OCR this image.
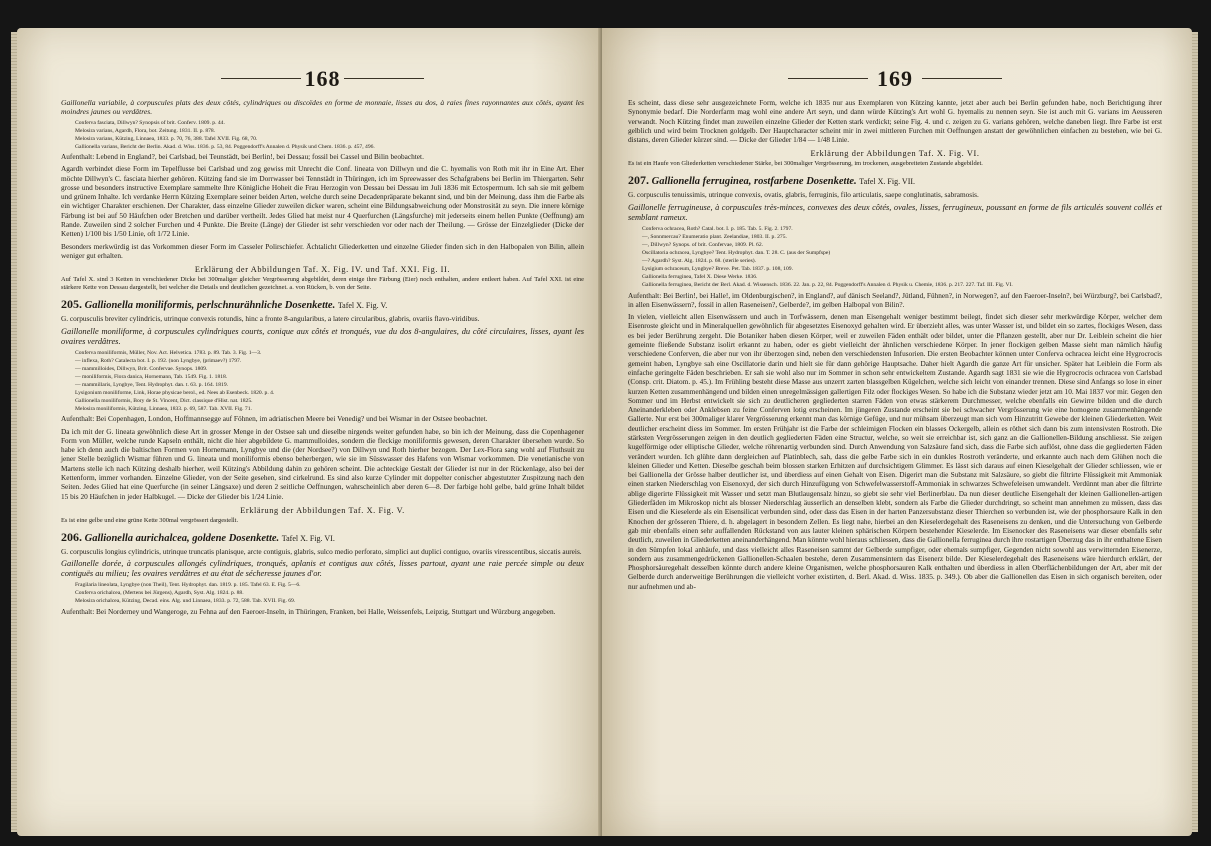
168

Gaillonella variabile, à corpuscules plats des deux côtés, cylindriques ou discoïdes en forme de monnaie, lisses au dos, à raies fines rayonnantes aux côtés, ayant les moindres jaunes ou verdâtres.

Conferva fasciata, Dillwyn? Synopsis of brit. Conferv. 1809. p. 44.

Melosira varians, Agardh, Flora, bot. Zeitung. 1831. II. p. 878.

Melosira varians, Kützing, Linnaea, 1833. p. 70, 76, 388. Tafel XVII. Fig. 68, 70.

Gallionella varians, Bericht der Berlin. Akad. d. Wiss. 1836. p. 53, 84. Poggendorff's Annalen d. Physik und Chem. 1836. p. 457, 496.

Aufenthalt: Lebend in England?, bei Carlsbad, bei Teunstädt, bei Berlin!, bei Dessau; fossil bei Cassel und Bilin beobachtet.

Agardh verbindet diese Form im Tepelflusse bei Carlsbad und zog gewiss mit Unrecht die Conf. lineata von Dillwyn und die C. hyemalis von Roth mit ihr in Eine Art. Eher möchte Dillwyn's C. fasciata hierher gehören. Kützing fand sie im Dorrwasser bei Tennstädt in Thüringen, ich im Spreewasser des Schafgrabens bei Berlin im Thiergarten. Sehr grosse und besonders instructive Exemplare sammelte Ihre Königliche Hoheit die Frau Herzogin von Dessau bei Dessau im Juli 1836 mit Ectospermum. Ich sah sie mit gelbem und grünem Inhalte. Ich verdanke Herrn Kützing Exemplare seiner beiden Arten, welche durch seine Decadenpräparate bekannt sind, und bin der Meinung, dass ihm die Farbe als ein wichtiger Charakter erschienen. Der Charakter, dass einzelne Glieder zuweilen dicker waren, scheint eine Bildungsabweichung oder Monstrosität zu seyn. Die innere körnige Färbung ist bei auf 50 Häufchen oder Bretchen und darüber vertheilt. Jedes Glied hat meist nur 4 Querfurchen (Längsfurche) mit jederseits einem hellen Punkte (Oeffnung) am Rande. Zuweilen sind 2 solcher Furchen und 4 Punkte. Die Breite (Länge) der Glieder ist sehr verschieden vor oder nach der Theilung. — Grösse der Einzelglieder (Dicke der Ketten) 1/100 bis 1/50 Linie, oft 1/72 Linie.

Besonders merkwürdig ist das Vorkommen dieser Form im Casseler Polirschiefer. Ächtalicht Gliederketten und einzelne Glieder finden sich in den Halbopalen von Bilin, allein weniger gut erhalten.

Erklärung der Abbildungen Taf. X. Fig. IV. und Taf. XXI. Fig. II.

Auf Tafel X. sind 3 Ketten in verschiedener Dicke bei 300maliger gleicher Vergrösserung abgebildet, deren einige ihre Färbung (Eier) noch enthalten, andere entleert haben. Auf Tafel XXI. ist eine stärkere Kette von Dessau dargestellt, bei welcher die Details und deutlichen gezeichnet. a. von Rücken, b. von der Seite.

205. Gallionella moniliformis, perlschnurähnliche Dosenkette. Tafel X. Fig. V.

G. corpusculis breviter cylindricis, utrinque convexis rotundis, hinc a fronte 8-angularibus, a latere circularibus, glabris, ovariis flavo-viridibus.

Gaillonelle moniliforme, à corpuscules cylindriques courts, conique aux côtés et tronqués, vue du dos 8-angulaires, du côté circulaires, lisses, ayant les ovaires verdâtres.

Conferva moniliformis, Müller, Nov. Act. Helvetica. 1783. p. 89. Tab. 3. Fig. 1—3.

— inflexa, Roth? Catalecta bot. I. p. 192. (non Lyngbye, (primaev?) 1797.

— mammilloides, Dillwyn, Brit. Confervae. Synops. 1809.

— moniliformis, Flora danica, Hornemann, Tab. 1549. Fig. 1. 1818.

— mammillaris, Lyngbye, Tent. Hydrophyt. dan. t. 63. p. 164. 1819.

Lysigonium moniliforme, Link, Horae physicae berol., ed. Nees ab Esenbeck. 1820. p. 4.

Gallionella moniliformis, Bory de St. Vincent, Dict. classique d'Hist. nat. 1825.

Melosira moniliformis, Kützing, Linnaea, 1833. p. 69, 587. Tab. XVII. Fig. 71.

Aufenthalt: Bei Copenhagen, London, Hoffmannsegge auf Föhnen, im adriatischen Meere bei Venedig? und bei Wismar in der Ostsee beobachtet.

Da ich mit der G. lineata gewöhnlich diese Art in grosser Menge in der Ostsee sah und dieselbe nirgends weiter gefunden habe, so bin ich der Meinung, dass die Copenhagener Form von Müller, welche runde Kapseln enthält, nicht die hier abgebildete G. mammulloides, sondern die fleckige moniliformis gewesen, deren Charakter übersehen wurde. So habe ich denn auch die baltischen Formen von Hornemann, Lyngbye und die (der Nordsee?) von Dillwyn und Roth hierher bezogen. Der Lex-Flora sang wohl auf Fluthsuit zu jener Stelle bezüglich Wismar führen und G. lineata und moniliformis ebenso beherbergen, wie sie im Süsswasser des Hafens von Wismar vorkommen. Die venetianische von Martens stelle ich nach Kützing deshalb hierher, weil Kützing's Abbildung dahin zu gehören scheint. Die achteckige Gestalt der Glieder ist nur in der Rückenlage, also bei der Kettenform, immer vorhanden. Einzelne Glieder, von der Seite gesehen, sind cirkelrund. Es sind also kurze Cylinder mit doppelter conischer abgestutzter Zuspitzung nach den Seiten. Jedes Glied hat eine Querfurche (in seiner Längsaxe) und deren 2 seitliche Oeffnungen, wahrscheinlich aber deren 6—8. Der farbige hohl gelbe, bald grüne Inhalt bildet 15 bis 20 Häufchen in jeder Halbkugel. — Dicke der Glieder bis 1/24 Linie.

Erklärung der Abbildungen Taf. X. Fig. V.

Es ist eine gelbe und eine grüne Kette 300mal vergrössert dargestellt.

206. Gallionella aurichalcea, goldene Dosenkette. Tafel X. Fig. VI.

G. corpusculis longius cylindricis, utrinque truncatis planisque, arcte contiguis, glabris, sulco medio perforato, simplici aut duplici contiguo, ovariis viresscentibus, siccatis aureis.

Gaillonelle dorée, à corpuscules allongés cylindriques, tronqués, aplanis et contigus aux côtés, lisses partout, ayant une raie percée simple ou deux contiguës au milieu; les ovaires verdâtres et au état de sécheresse jaunes d'or.

Fragilaria lineolata, Lyngbye (non Theil), Tent. Hydrophyt. dan. 1819. p. 185. Tafel 63. E. Fig. 5—6.

Conferva orichalcea, (Mertens bei Jürgens), Agardh, Syst. Alg. 1824. p. 88.

Melosira orichalcea, Kützing, Decad. eins. Alg. und Linnaea, 1833. p. 72, 588. Tab. XVII. Fig. 69.

Aufenthalt: Bei Norderney und Wangeroge, zu Fehna auf den Faeroer-Inseln, in Thüringen, Franken, bei Halle, Weissenfels, Leipzig, Stuttgart und Würzburg angegeben.

169

Es scheint, dass diese sehr ausgezeichnete Form, welche ich 1835 nur aus Exemplaren von Kützing kannte, jetzt aber auch bei Berlin gefunden habe, noch Berichtigung ihrer Synonymie bedarf. Die Norderfarm mag wohl eine andere Art seyn, und dann würde Kützing's Art wohl G. hyemalis zu nennen seyn. Sie ist auch mit G. varians im Aeusseren verwandt. Noch Kützing findet man zuweilen einzelne Glieder der Ketten stark verdickt; seine Fig. 4. und c. zeigen zu G. varians gehören, welche daneben liegt. Ihre Farbe ist erst gelblich und wird beim Trocknen goldgelb. Der Hauptcharacter scheint mir in zwei mittleren Furchen mit Oeffnungen anstatt der gewöhnlichen einfachen zu bestehen, wie bei G. distans, deren Glieder kürzer sind. — Dicke der Glieder 1/84 — 1/48 Linie.

Erklärung der Abbildungen Taf. X. Fig. VI.

Es ist ein Haufe von Gliederketten verschiedener Stärke, bei 300maliger Vergrösserung, im trockenen, ausgebreiteten Zustande abgebildet.

207. Gallionella ferruginea, rostfarbene Dosenkette. Tafel X. Fig. VII.

G. corpusculis tenuissimis, utrinque convexis, ovatis, glabris, ferruginis, filo articulatis, saepe conglutinatis, sabramosis.

Gaillonelle ferrugineuse, à corpuscules très-minces, convexes des deux côtés, ovales, lisses, ferrugineux, poussant en forme de fils articulés souvent collés et semblant rameux.

Conferva ochracea, Roth? Catal. bot. I. p. 185. Tab. 5. Fig. 2. 1797.

—, Sonnmercau? Enumeratio plant. Zeelandiae, 1803. II. p. 275.

—, Dillwyn? Synops. of brit. Confervae, 1809. Pl. 62.

Oscillatoria ochracea, Lyngbye? Tent. Hydrophyt. dan. T. 28. C. (aus der Sumpfspe)

—? Agardh? Syst. Alg. 1824. p. 68. (sterile series).

Lysigium ochraceum, Lyngbye? Breve. Pet. Tab. 1837. p. 108, 109.

Gallionella ferruginea, Tafel X. Diese Werke. 1836.

Gallionella ferruginea, Bericht der Berl. Akad. d. Wissensch. 1836. 22. Jan. p. 22, 84. Poggendorff's Annalen d. Physik u. Chemie, 1836. p. 217. 227. Taf. III. Fig. VI.

Aufenthalt: Bei Berlin!, bei Halle!, im Oldenburgischen?, in England?, auf dänisch Seeland?, Jütland, Fühnen?, in Norwegen?, auf den Faeroer-Inseln?, bei Würzburg?, bei Carlsbad?, in allen Eisenwässern?, fossil in allen Raseneisen?, Gelberde?, im gelben Halbopal von Bilin?.

In vielen, vielleicht allen Eisenwässern und auch in Torfwässern, denen man Eisengehalt weniger bestimmt beilegt, findet sich dieser sehr merkwürdige Körper, welcher dem Eisenroste gleicht und in Mineralquellen gewöhnlich für abgesetztes Eisenoxyd gehalten wird. Er überzieht alles, was unter Wasser ist, und bildet ein so zartes, flockiges Wesen, dass es bei jeder Berührung zergeht. Die Botaniker haben diesen Körper, weil er zuweilen Fäden enthält oder bildet, unter die Pflanzen gestellt, aber nur Dr. Leiblein scheint die hier gemeinte fließende Substanz isolirt erkannt zu haben, oder es giebt vielleicht der ähnlichen verschiedene Körper. In jener flockigen gelben Masse sieht man nämlich häufig verschiedene Conferven, die aber nur von ihr überzogen sind, neben den verschiedensten Infusorien. Die ersten Beobachter können unter Conferva ochracea leicht eine Hygrocrocis gemeint haben, Lyngbye sah eine Oscillatorie darin und hielt sie für dann gehörige Hauptsache. Daher hielt Agardh die ganze Art für unsicher. Später hat Leiblein die Form als einfache geringelte Fäden beschrieben. Er sah sie wohl also nur im Sommer in schon sehr entwickeltem Zustande. Agardh sagt 1831 sie wie die Hygrocrocis ochracea von Carlsbad (Consp. crit. Diatom. p. 45.). Im Frühling besteht diese Masse aus unzerrt zarten blassgelben Kügelchen, welche sich leicht von einander trennen. Diese sind Anfangs so lose in einer kurzen Ketten zusammenhängend und bilden einen unregelmässigen gallertigen Filz oder flockiges Wesen. So habe ich die Substanz wieder jetzt am 10. Mai 1837 vor mir. Gegen den Sommer und im Herbst entwickelt sie sich zu deutlicheren gegliederten starren Fäden von etwas stärkerem Durchmesser, welche ebenfalls ein Gewirre bilden und die durch Aneinanderkleben oder Anklebsen zu feine Conferven lotig erscheinen. Im jüngeren Zustande erscheint sie bei schwacher Vergrösserung wie eine homogene zusammenhängende Gallerte. Nur erst bei 300maliger klarer Vergrösserung erkennt man das körnige Gefüge, und nur mühsam überzeugt man sich vom Hinzutritt Gewebe der kleinen Gliederketten. Weit deutlicher erscheint diess im Sommer. Im ersten Frühjahr ist die Farbe der schleimigen Flocken ein blasses Ockergelb, allein es röthet sich dann bis zum intensivsten Rostroth. Die stärksten Vergrösserungen zeigen in den deutlich gegliederten Fäden eine Structur, welche, so weit sie erreichbar ist, sich ganz an die Gallionellen-Bildung anschliesst. Sie zeigen kugelförmige oder elliptische Glieder, welche röhrenartig verbunden sind. Durch Anwendung von Salzsäure fand sich, dass die Farbe sich auflöst, ohne dass die gegliederten Fäden verändert wurden. Ich glühte dann dergleichen auf Platinblech, sah, dass die gelbe Farbe sich in ein dunkles Rostroth veränderte, und erkannte auch nach dem Glühen noch die kleinen Glieder und Ketten. Dieselbe geschah beim blossen starken Erhitzen auf durchsichtigem Glimmer. Es lässt sich daraus auf einen Kieselgehalt der Glieder schliessen, wie er bei Gallionella der Grösse halber deutlicher ist, und überdiess auf einen Gehalt von Eisen. Digerirt man die Substanz mit Salzsäure, so giebt die filtrirte Flüssigkeit mit Ammoniak einen starken Niederschlag von Eisenoxyd, der sich durch Hinzufügung von Schwefelwasserstoff-Ammoniak in schwarzes Schwefeleisen umwandelt. Verdünnt man aber die filtrirte ablige digerirte Flüssigkeit mit Wasser und setzt man Blutlaugensalz hinzu, so giebt sie sehr viel Berlinerblau. Da nun dieser deutliche Eisengehalt der kleinen Gallionellen-artigen Gliederfäden im Mikroskop nicht als blosser Niederschlag äusserlich an denselben klebt, sondern als Farbe die Glieder durchdringt, so scheint man annehmen zu müssen, dass das Eisen und die Kieselerde als ein Eisensilicat verbunden sind, oder dass das Eisen in der harten Panzersubstanz dieser Thierchen so verbunden ist, wie der phosphorsaure Kalk in den Knochen der grösseren Thiere, d. h. abgelagert in besondern Zellen. Es liegt nahe, hierbei an den Kieselerdegehalt des Raseneisens zu denken, und die Untersuchung von Gelberde gab mir ebenfalls einen sehr auffallenden Rückstand von aus lauter kleinen sphärischen Körpern bestehender Kieselerde. Im Eisenocker des Raseneisens war dieser ebenfalls sehr deutlich, zuweilen in Gliederketten aneinanderhängend. Man könnte wohl hieraus schliessen, dass die Gallionella ferruginea durch ihre rostartigen Überzug das in ihr enthaltene Eisen in den Sümpfen lokal anhäufe, und dass vielleicht alles Raseneisen sammt der Gelberde sumpfiger, oder ehemals sumpfiger, Gegenden nicht sowohl aus verwitternden Eisenerze, sondern aus zusammengedrückenen Gallionellen-Schaalen bestehe, deren Zusammensintern das Eisenerz bilde. Der Kieselerdegehalt des Raseneisens wäre hierdurch erklärt, der Phosphorsäuregehalt desselben könnte durch andere kleine Organismen, welche phosphorsauren Kalk enthalten und überdiess in allen Oberflächenbildungen der Art, aber mit der Gelberde durch anderweitige Berührungen die vielleicht vorher existirten, d. Berl. Akad. d. Wiss. 1835. p. 349.). Ob aber die Gallionellen das Eisen in sich organisch bereiten, oder nur aufnehmen und ab-
